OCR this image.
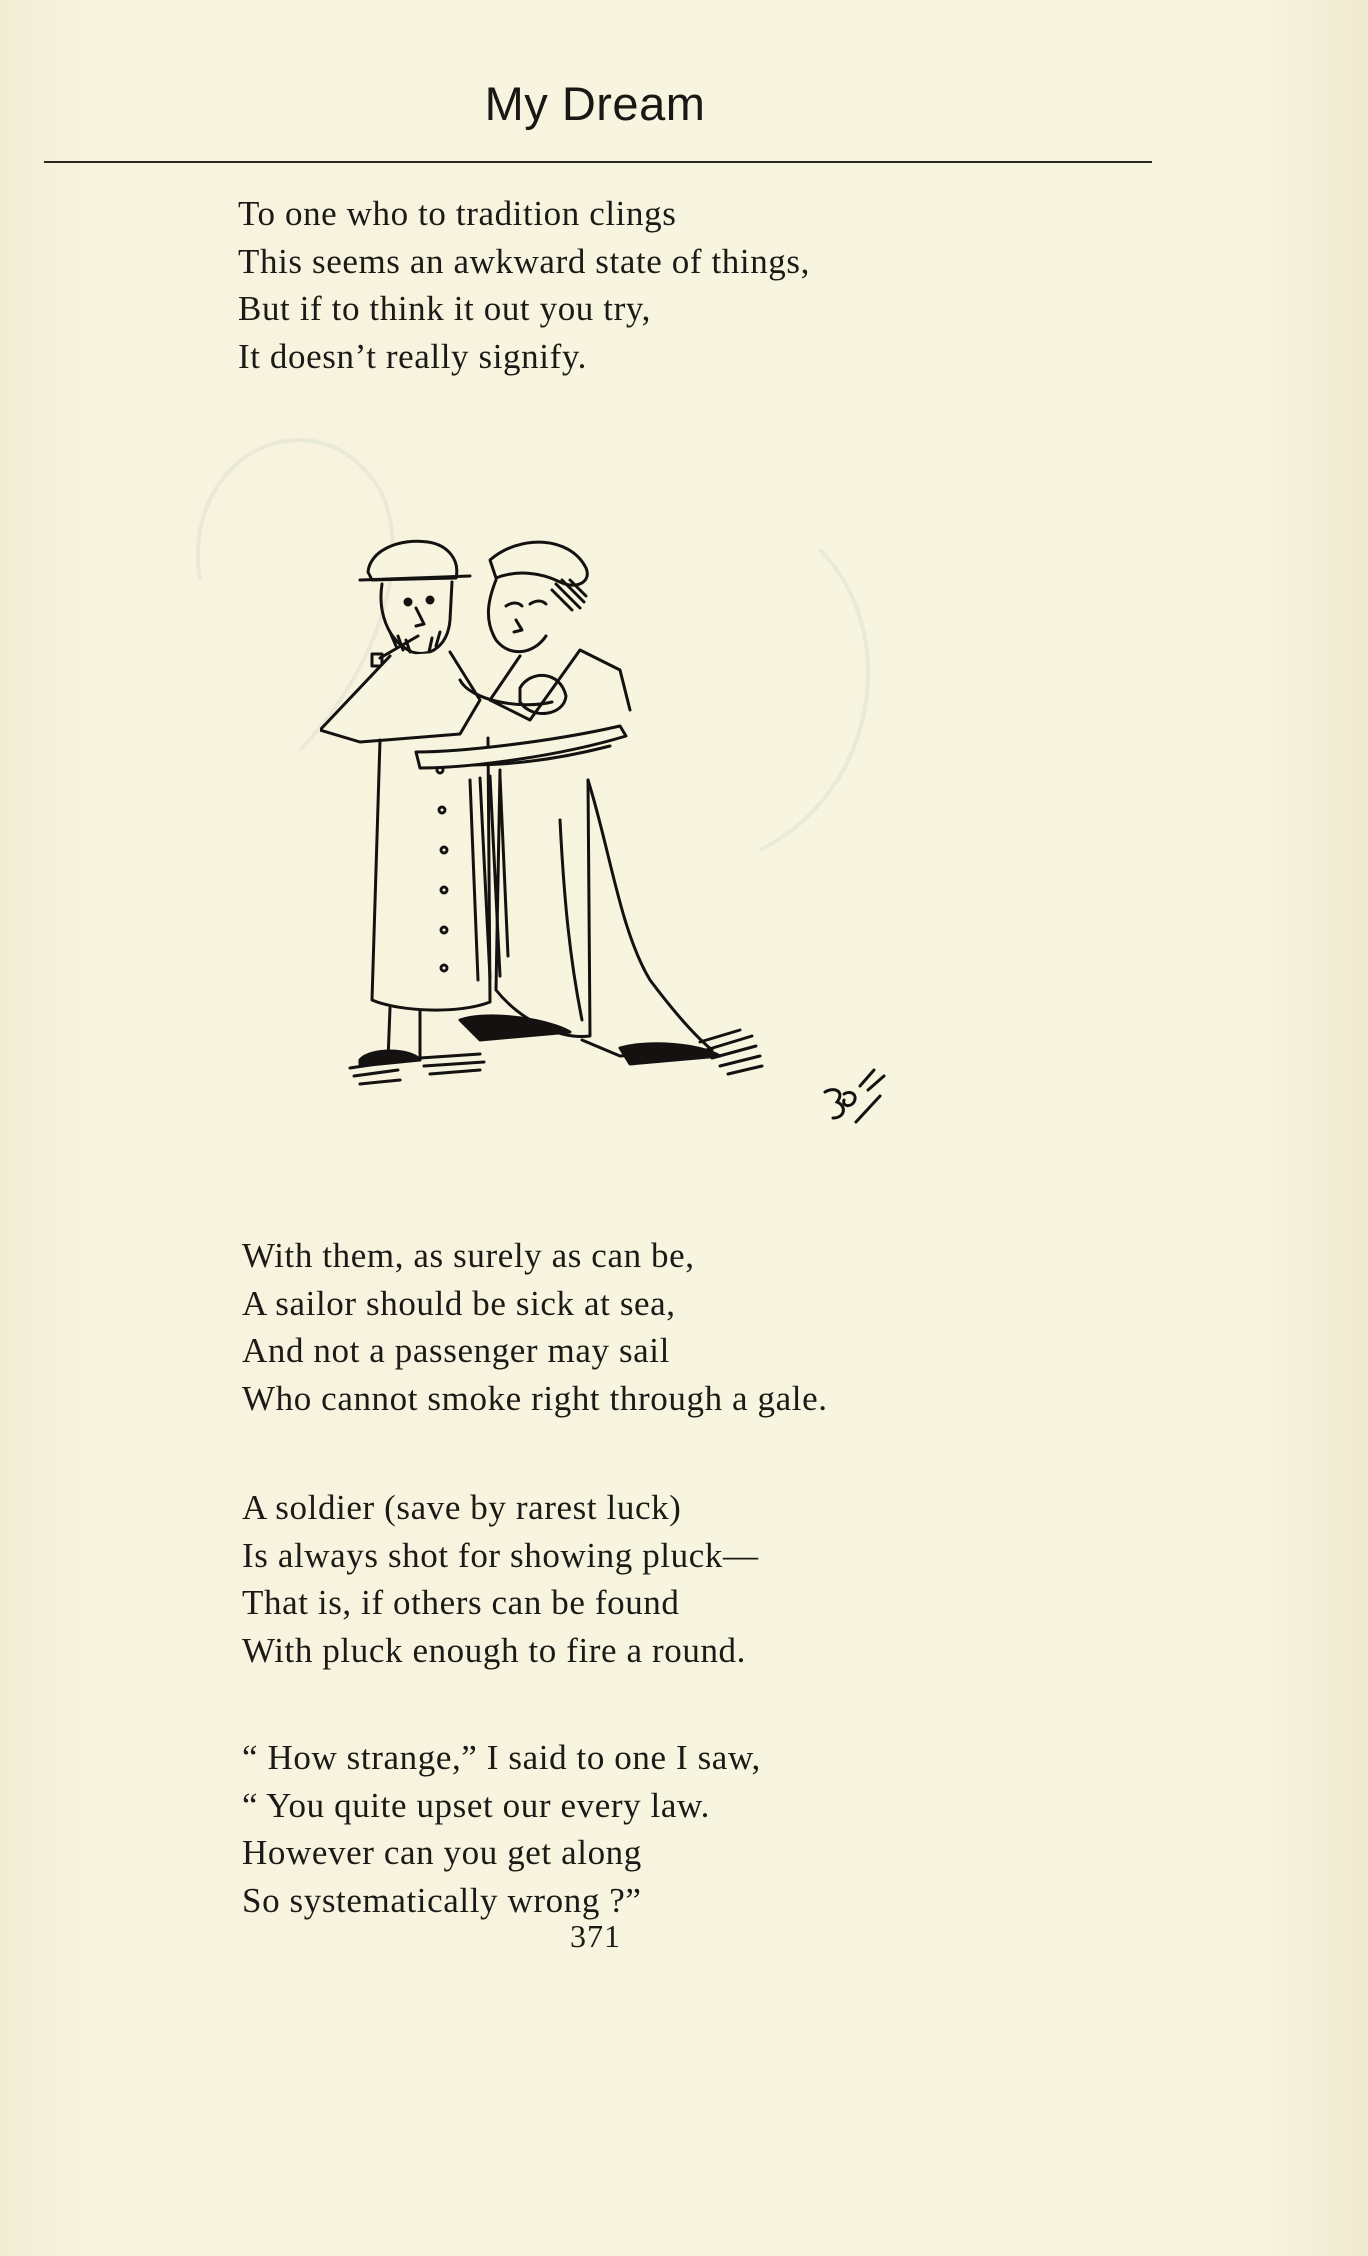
My Dream
To one who to tradition clings
This seems an awkward state of things,
But if to think it out you try,
It doesn’t really signify.
With them, as surely as can be,
A sailor should be sick at sea,
And not a passenger may sail
Who cannot smoke right through a gale.
A soldier (save by rarest luck)
Is always shot for showing pluck—
That is, if others can be found
With pluck enough to fire a round.
“ How strange,” I said to one I saw,
“ You quite upset our every law.
However can you get along
So systematically wrong ?”
371
